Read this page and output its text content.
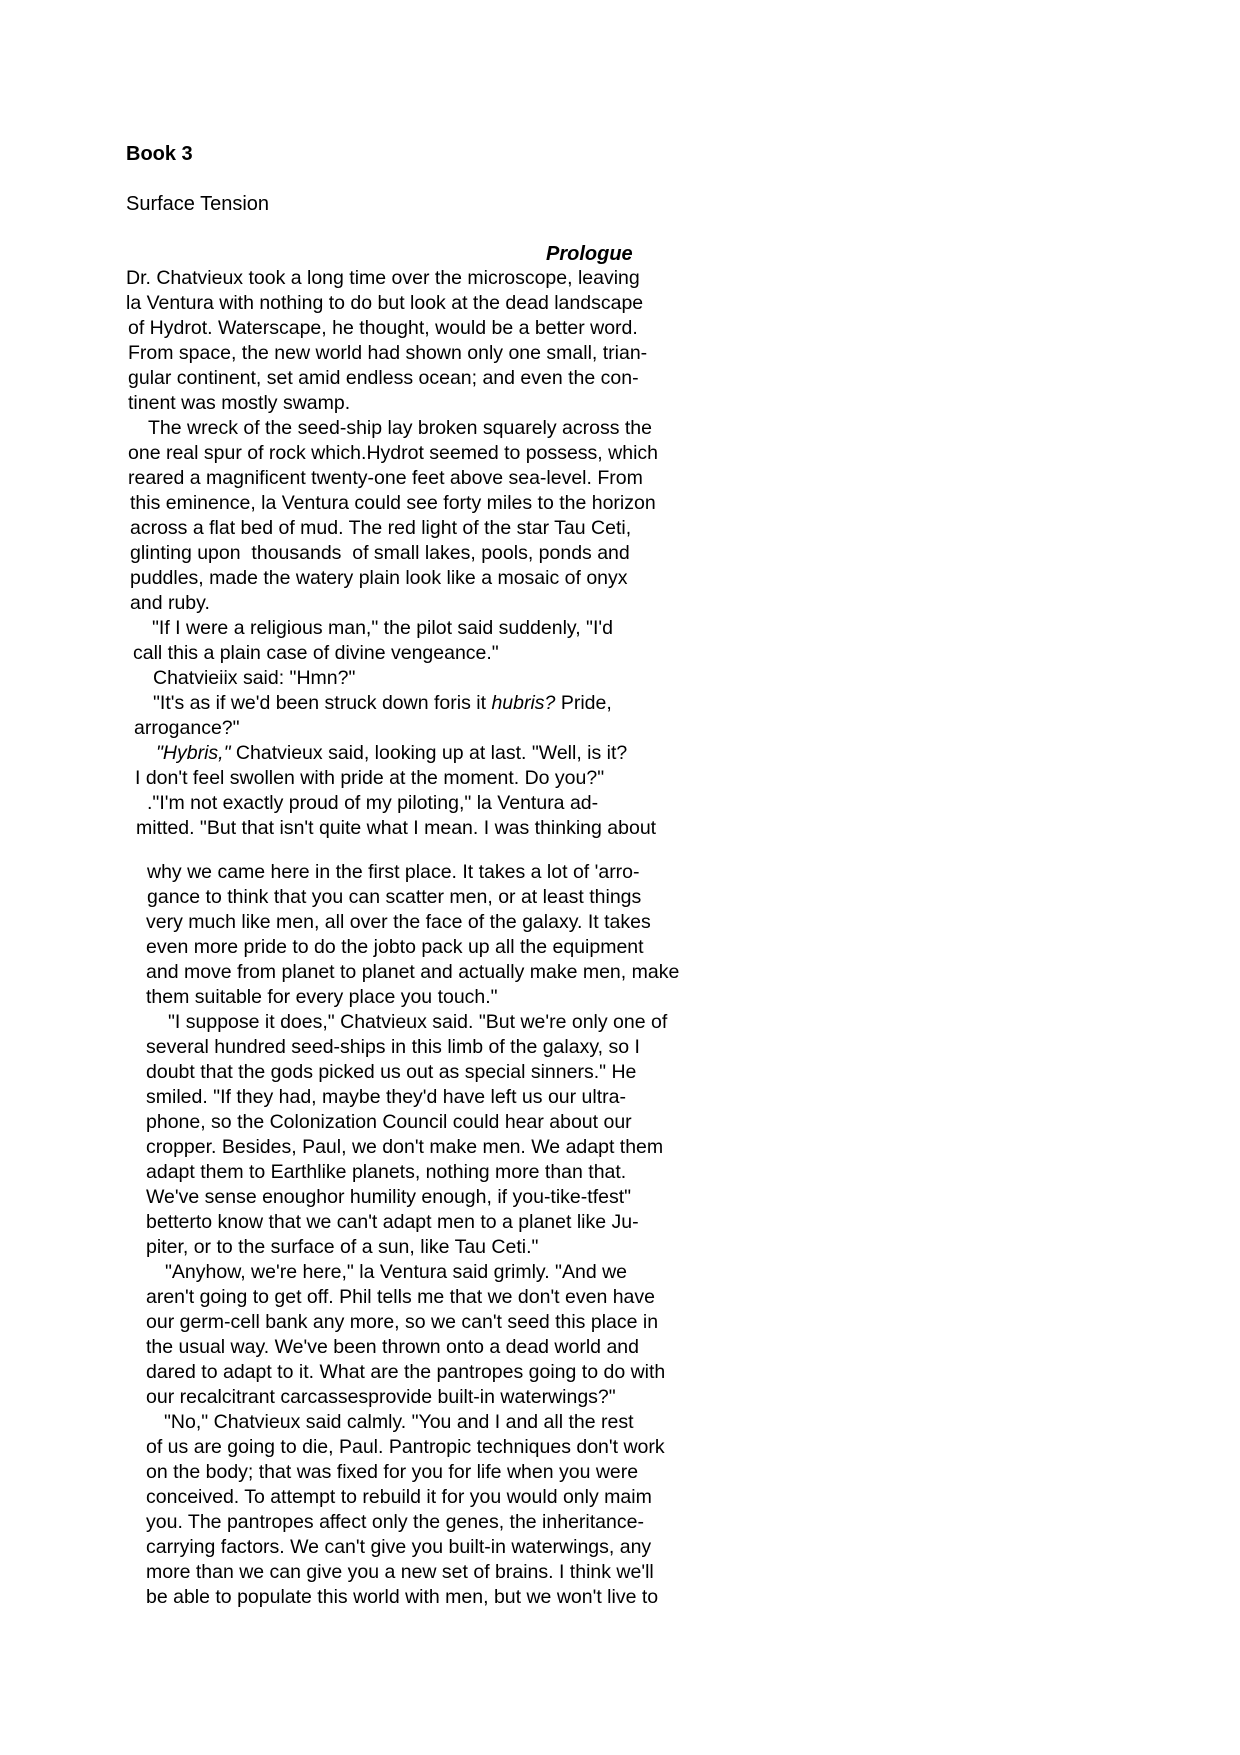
Book 3
Surface Tension
Prologue
Dr. Chatvieux took a long time over the microscope, leaving
la Ventura with nothing to do but look at the dead landscape
of Hydrot. Waterscape, he thought, would be a better word.
From space, the new world had shown only one small, trian-
gular continent, set amid endless ocean; and even the con-
tinent was mostly swamp.
The wreck of the seed-ship lay broken squarely across the
one real spur of rock which.Hydrot seemed to possess, which
reared a magnificent twenty-one feet above sea-level. From
this eminence, la Ventura could see forty miles to the horizon
across a flat bed of mud. The red light of the star Tau Ceti,
glinting upon  thousands  of small lakes, pools, ponds and
puddles, made the watery plain look like a mosaic of onyx
and ruby.
"If I were a religious man," the pilot said suddenly, "I'd
call this a plain case of divine vengeance."
Chatvieiix said: "Hmn?"
"It's as if we'd been struck down foris it hubris? Pride,
arrogance?"
"Hybris," Chatvieux said, looking up at last. "Well, is it?
I don't feel swollen with pride at the moment. Do you?"
."I'm not exactly proud of my piloting," la Ventura ad-
mitted. "But that isn't quite what I mean. I was thinking about
why we came here in the first place. It takes a lot of 'arro-
gance to think that you can scatter men, or at least things
very much like men, all over the face of the galaxy. It takes
even more pride to do the jobto pack up all the equipment
and move from planet to planet and actually make men, make
them suitable for every place you touch."
"I suppose it does," Chatvieux said. "But we're only one of
several hundred seed-ships in this limb of the galaxy, so I
doubt that the gods picked us out as special sinners." He
smiled. "If they had, maybe they'd have left us our ultra-
phone, so the Colonization Council could hear about our
cropper. Besides, Paul, we don't make men. We adapt them
adapt them to Earthlike planets, nothing more than that.
We've sense enoughor humility enough, if you-tike-tfest"
betterto know that we can't adapt men to a planet like Ju-
piter, or to the surface of a sun, like Tau Ceti."
"Anyhow, we're here," la Ventura said grimly. "And we
aren't going to get off. Phil tells me that we don't even have
our germ-cell bank any more, so we can't seed this place in
the usual way. We've been thrown onto a dead world and
dared to adapt to it. What are the pantropes going to do with
our recalcitrant carcassesprovide built-in waterwings?"
"No," Chatvieux said calmly. "You and I and all the rest
of us are going to die, Paul. Pantropic techniques don't work
on the body; that was fixed for you for life when you were
conceived. To attempt to rebuild it for you would only maim
you. The pantropes affect only the genes, the inheritance-
carrying factors. We can't give you built-in waterwings, any
more than we can give you a new set of brains. I think we'll
be able to populate this world with men, but we won't live to
